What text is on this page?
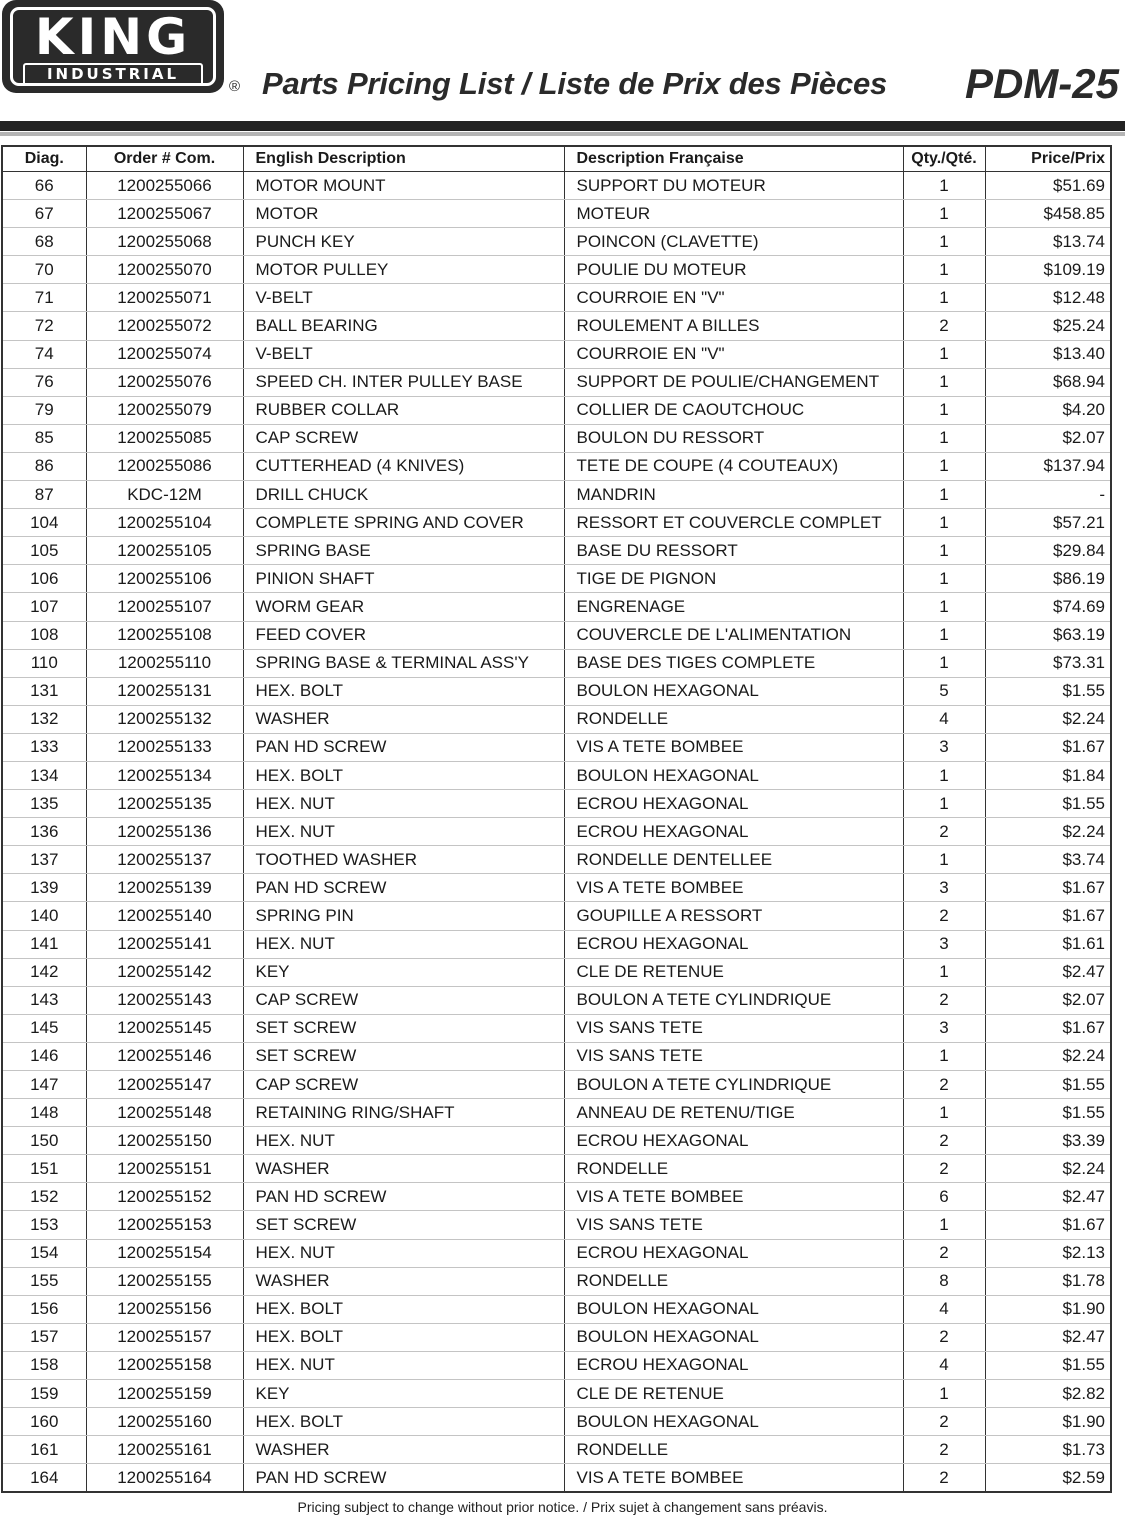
KING
INDUSTRIAL
® Parts Pricing List / Liste de Prix des Pièces PDM-25
Diag.	Order # Com.	English Description	Description Française	Qty./Qté.	Price/Prix
66	1200255066	MOTOR MOUNT	SUPPORT DU MOTEUR	1	$51.69
67	1200255067	MOTOR	MOTEUR	1	$458.85
68	1200255068	PUNCH KEY	POINCON (CLAVETTE)	1	$13.74
70	1200255070	MOTOR PULLEY	POULIE DU MOTEUR	1	$109.19
71	1200255071	V-BELT	COURROIE EN "V"	1	$12.48
72	1200255072	BALL BEARING	ROULEMENT A BILLES	2	$25.24
74	1200255074	V-BELT	COURROIE EN "V"	1	$13.40
76	1200255076	SPEED CH. INTER PULLEY BASE	SUPPORT DE POULIE/CHANGEMENT	1	$68.94
79	1200255079	RUBBER COLLAR	COLLIER DE CAOUTCHOUC	1	$4.20
85	1200255085	CAP SCREW	BOULON DU RESSORT	1	$2.07
86	1200255086	CUTTERHEAD (4 KNIVES)	TETE DE COUPE (4 COUTEAUX)	1	$137.94
87	KDC-12M	DRILL CHUCK	MANDRIN	1	-
104	1200255104	COMPLETE SPRING AND COVER	RESSORT ET COUVERCLE COMPLET	1	$57.21
105	1200255105	SPRING BASE	BASE DU RESSORT	1	$29.84
106	1200255106	PINION SHAFT	TIGE DE PIGNON	1	$86.19
107	1200255107	WORM GEAR	ENGRENAGE	1	$74.69
108	1200255108	FEED COVER	COUVERCLE DE L'ALIMENTATION	1	$63.19
110	1200255110	SPRING BASE & TERMINAL ASS'Y	BASE DES TIGES COMPLETE	1	$73.31
131	1200255131	HEX. BOLT	BOULON HEXAGONAL	5	$1.55
132	1200255132	WASHER	RONDELLE	4	$2.24
133	1200255133	PAN HD SCREW	VIS A TETE BOMBEE	3	$1.67
134	1200255134	HEX. BOLT	BOULON HEXAGONAL	1	$1.84
135	1200255135	HEX. NUT	ECROU HEXAGONAL	1	$1.55
136	1200255136	HEX. NUT	ECROU HEXAGONAL	2	$2.24
137	1200255137	TOOTHED WASHER	RONDELLE DENTELLEE	1	$3.74
139	1200255139	PAN HD SCREW	VIS A TETE BOMBEE	3	$1.67
140	1200255140	SPRING PIN	GOUPILLE A RESSORT	2	$1.67
141	1200255141	HEX. NUT	ECROU HEXAGONAL	3	$1.61
142	1200255142	KEY	CLE DE RETENUE	1	$2.47
143	1200255143	CAP SCREW	BOULON A TETE CYLINDRIQUE	2	$2.07
145	1200255145	SET SCREW	VIS SANS TETE	3	$1.67
146	1200255146	SET SCREW	VIS SANS TETE	1	$2.24
147	1200255147	CAP SCREW	BOULON A TETE CYLINDRIQUE	2	$1.55
148	1200255148	RETAINING RING/SHAFT	ANNEAU DE RETENU/TIGE	1	$1.55
150	1200255150	HEX. NUT	ECROU HEXAGONAL	2	$3.39
151	1200255151	WASHER	RONDELLE	2	$2.24
152	1200255152	PAN HD SCREW	VIS A TETE BOMBEE	6	$2.47
153	1200255153	SET SCREW	VIS SANS TETE	1	$1.67
154	1200255154	HEX. NUT	ECROU HEXAGONAL	2	$2.13
155	1200255155	WASHER	RONDELLE	8	$1.78
156	1200255156	HEX. BOLT	BOULON HEXAGONAL	4	$1.90
157	1200255157	HEX. BOLT	BOULON HEXAGONAL	2	$2.47
158	1200255158	HEX. NUT	ECROU HEXAGONAL	4	$1.55
159	1200255159	KEY	CLE DE RETENUE	1	$2.82
160	1200255160	HEX. BOLT	BOULON HEXAGONAL	2	$1.90
161	1200255161	WASHER	RONDELLE	2	$1.73
164	1200255164	PAN HD SCREW	VIS A TETE BOMBEE	2	$2.59
Pricing subject to change without prior notice. / Prix sujet à changement sans préavis.
